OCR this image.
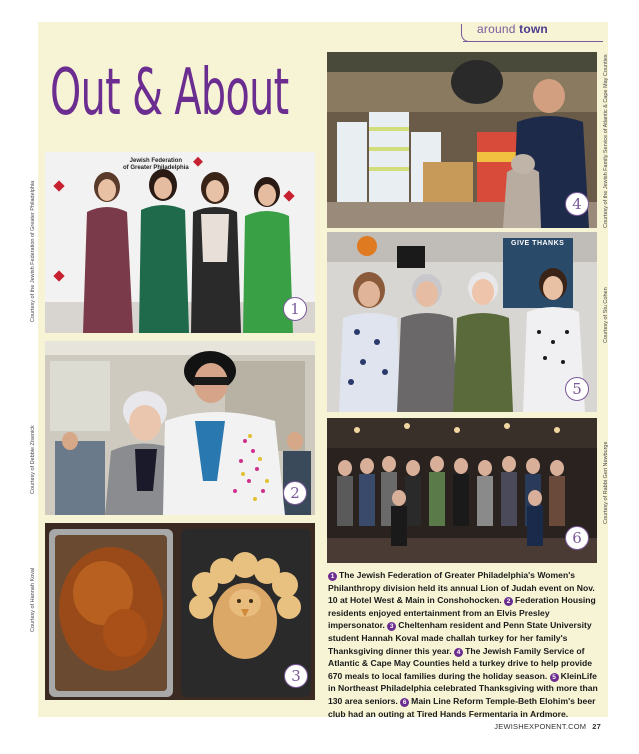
around town
Out & About
Jewish Federation
of Greater Philadelphia
1
2
3
4
GIVE THANKS
5
6
Courtesy of the Jewish Federation of Greater Philadelphia
Courtesy of Debbie Zisenick
Courtesy of Hannah Koval
Courtesy of the Jewish Family Service of Atlantic & Cape May Counties
Courtesy of Stu Cohen
Courtesy of Rabbi Geri Newburge
1 The Jewish Federation of Greater Philadelphia's Women's Philanthropy division held its annual Lion of Judah event on Nov. 10 at Hotel West & Main in Conshohocken. 2 Federation Housing residents enjoyed entertainment from an Elvis Presley impersonator. 3 Cheltenham resident and Penn State University student Hannah Koval made challah turkey for her family's Thanksgiving dinner this year. 4 The Jewish Family Service of Atlantic & Cape May Counties held a turkey drive to help provide 670 meals to local families during the holiday season. 5 KleinLife in Northeast Philadelphia celebrated Thanksgiving with more than 130 area seniors. 6 Main Line Reform Temple-Beth Elohim's beer club had an outing at Tired Hands Fermentaria in Ardmore.
JEWISHEXPONENT.COM 27
